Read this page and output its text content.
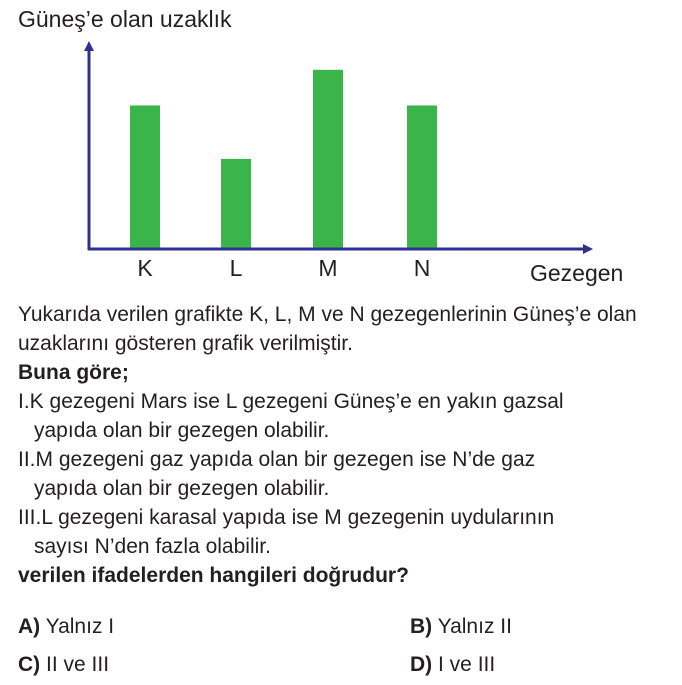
K	L	M	N
Güneş’e olan uzaklık
Gezegen

Yukarıda verilen grafikte K, L, M ve N gezegenlerinin Güneş’e olan uzaklarını gösteren grafik verilmiştir.

Buna göre;

I.K gezegeni Mars ise L gezegeni Güneş’e en yakın gazsal

yapıda olan bir gezegen olabilir.

II.M gezegeni gaz yapıda olan bir gezegen ise N’de gaz

yapıda olan bir gezegen olabilir.

III.L gezegeni karasal yapıda ise M gezegenin uydularının

sayısı N’den fazla olabilir.

verilen ifadelerden hangileri doğrudur?

A) Yalnız I	B) Yalnız II
C) II ve III	D) I ve III
